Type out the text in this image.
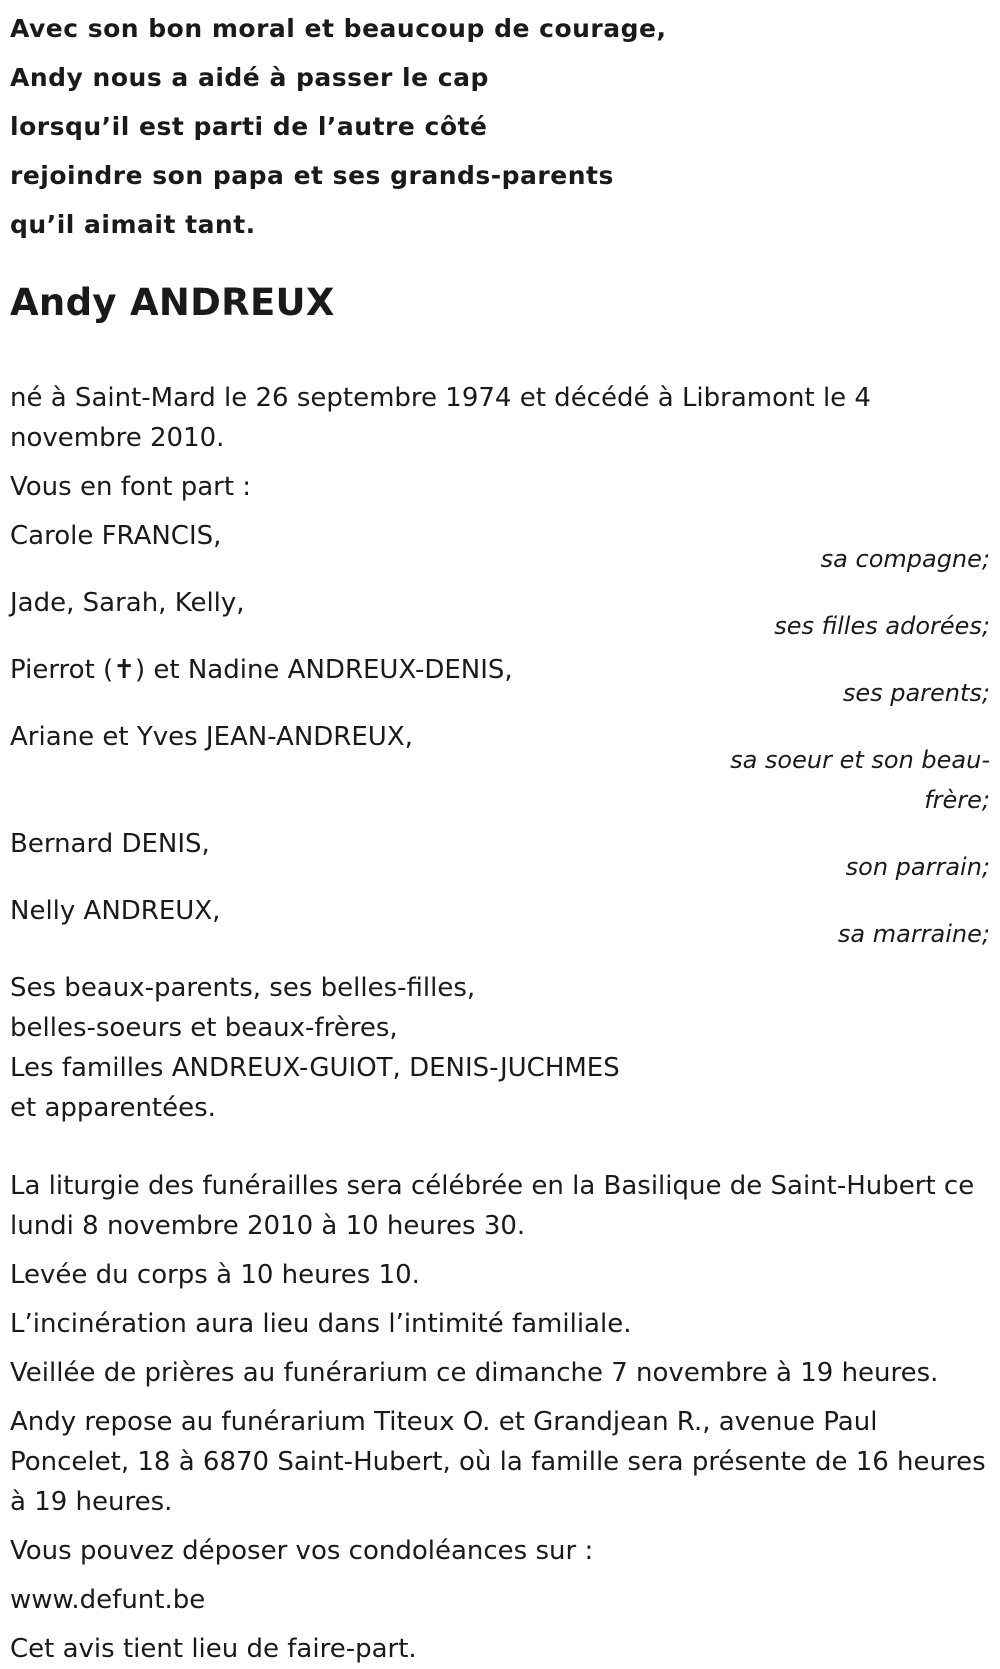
Avec son bon moral et beaucoup de courage,
Andy nous a aidé à passer le cap
lorsqu’il est parti de l’autre côté
rejoindre son papa et ses grands-parents
qu’il aimait tant.
Andy ANDREUX

né à Saint-Mard le 26 septembre 1974 et décédé à Libramont le 4 novembre 2010.

Vous en font part :

Carole FRANCIS,
sa compagne;
Jade, Sarah, Kelly,
ses filles adorées;
Pierrot (✝) et Nadine ANDREUX-DENIS,
ses parents;
Ariane et Yves JEAN-ANDREUX,
sa soeur et son beau-frère;
Bernard DENIS,
son parrain;
Nelly ANDREUX,
sa marraine;
Ses beaux-parents, ses belles-filles,
belles-soeurs et beaux-frères,
Les familles ANDREUX-GUIOT, DENIS-JUCHMES
et apparentées.

La liturgie des funérailles sera célébrée en la Basilique de Saint-Hubert ce lundi 8 novembre 2010 à 10 heures 30.

Levée du corps à 10 heures 10.

L’incinération aura lieu dans l’intimité familiale.

Veillée de prières au funérarium ce dimanche 7 novembre à 19 heures.

Andy repose au funérarium Titeux O. et Grandjean R., avenue Paul Poncelet, 18 à 6870 Saint-Hubert, où la famille sera présente de 16 heures à 19 heures.

Vous pouvez déposer vos condoléances sur :

www.defunt.be

Cet avis tient lieu de faire-part.
